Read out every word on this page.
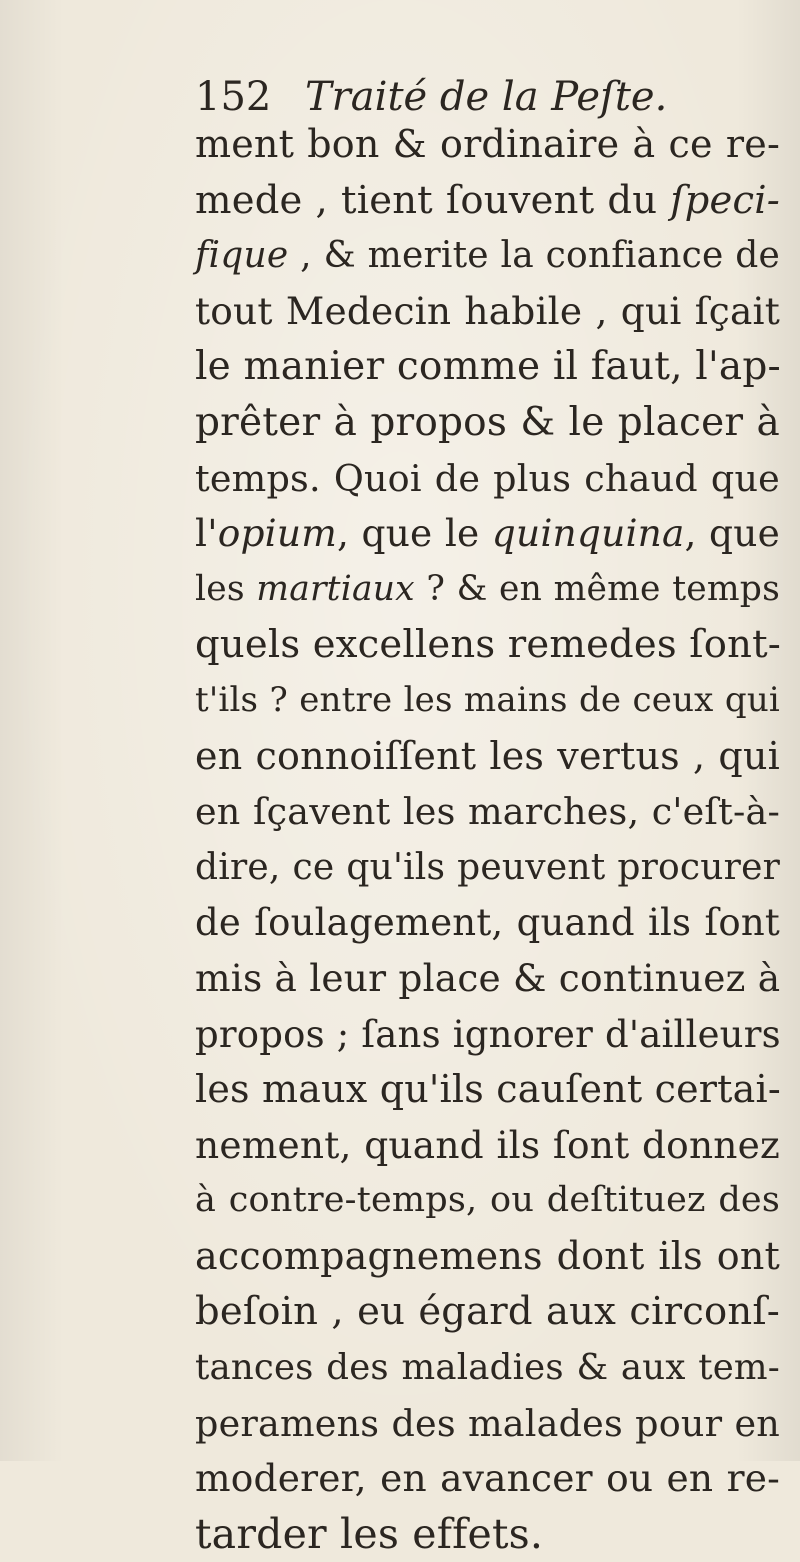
152 Traité de la Peſte.
ment bon & ordinaire à ce re-
mede , tient ſouvent du ſpeci-
fique , & merite la confiance de
tout Medecin habile , qui ſçait
le manier comme il faut, l'ap-
prêter à propos & le placer à
temps. Quoi de plus chaud que
l'opium, que le quinquina, que
les martiaux ? & en même temps
quels excellens remedes ſont-
t'ils ? entre les mains de ceux qui
en connoiſſent les vertus , qui
en ſçavent les marches, c'eſt-à-
dire, ce qu'ils peuvent procurer
de ſoulagement, quand ils ſont
mis à leur place & continuez à
propos ; ſans ignorer d'ailleurs
les maux qu'ils cauſent certai-
nement, quand ils ſont donnez
à contre-temps, ou deſtituez des
accompagnemens dont ils ont
beſoin , eu égard aux circonſ-
tances des maladies & aux tem-
peramens des malades pour en
moderer, en avancer ou en re-
tarder les effets.
